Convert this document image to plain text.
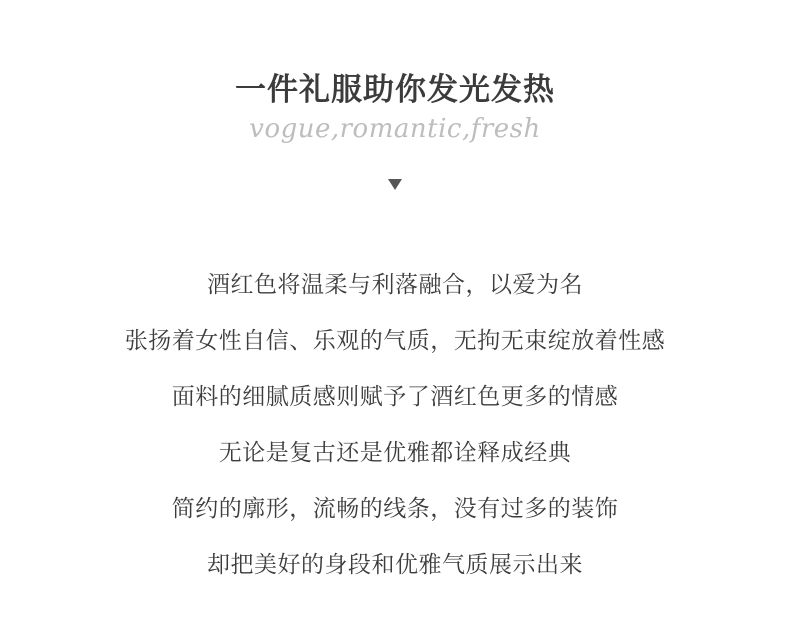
一件礼服助你发光发热
vogue,romantic,fresh
酒红色将温柔与利落融合，以爱为名
张扬着女性自信、乐观的气质，无拘无束绽放着性感
面料的细腻质感则赋予了酒红色更多的情感
无论是复古还是优雅都诠释成经典
简约的廓形，流畅的线条，没有过多的装饰
却把美好的身段和优雅气质展示出来
